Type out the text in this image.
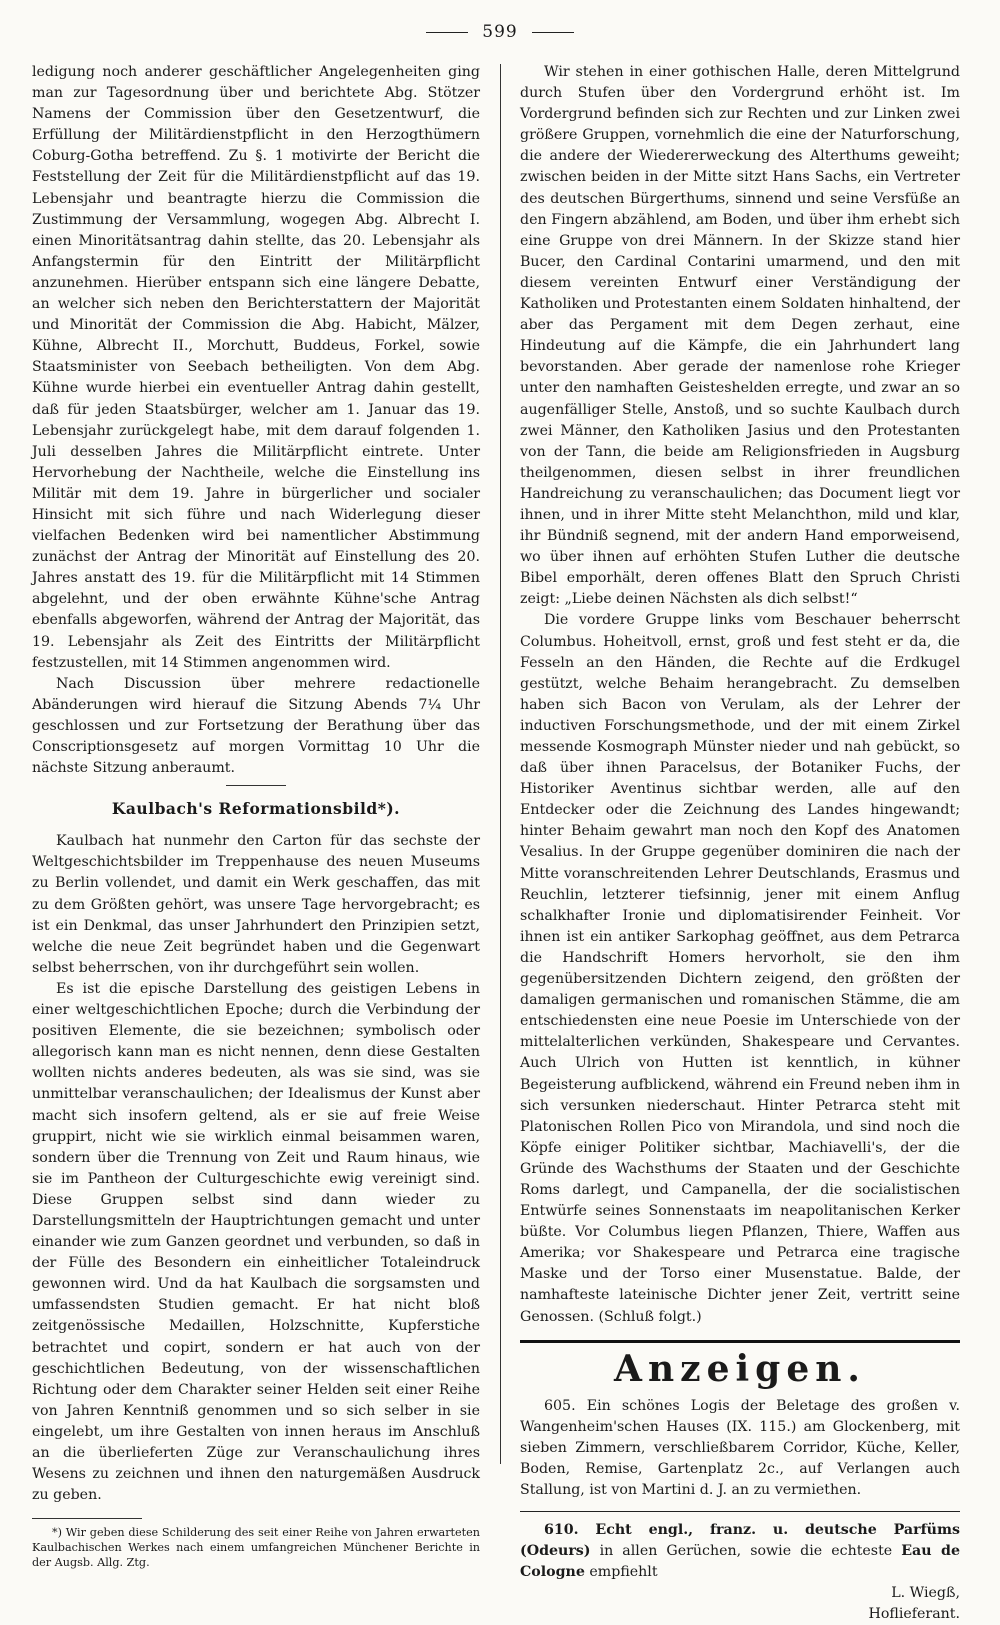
599

ledigung noch anderer geschäftlicher Angelegenheiten ging man zur Tagesordnung über und berichtete Abg. Stötzer Namens der Commission über den Gesetzentwurf, die Erfüllung der Militärdienstpflicht in den Herzogthümern Coburg-Gotha betreffend. Zu §. 1 motivirte der Bericht die Feststellung der Zeit für die Militärdienstpflicht auf das 19. Lebensjahr und beantragte hierzu die Commission die Zustimmung der Versammlung, wogegen Abg. Albrecht I. einen Minoritätsantrag dahin stellte, das 20. Lebensjahr als Anfangstermin für den Eintritt der Militärpflicht anzunehmen. Hierüber entspann sich eine längere Debatte, an welcher sich neben den Berichterstattern der Majorität und Minorität der Commission die Abg. Habicht, Mälzer, Kühne, Albrecht II., Morchutt, Buddeus, Forkel, sowie Staatsminister von Seebach betheiligten. Von dem Abg. Kühne wurde hierbei ein eventueller Antrag dahin gestellt, daß für jeden Staatsbürger, welcher am 1. Januar das 19. Lebensjahr zurückgelegt habe, mit dem darauf folgenden 1. Juli desselben Jahres die Militärpflicht eintrete. Unter Hervorhebung der Nachtheile, welche die Einstellung ins Militär mit dem 19. Jahre in bürgerlicher und socialer Hinsicht mit sich führe und nach Widerlegung dieser vielfachen Bedenken wird bei namentlicher Abstimmung zunächst der Antrag der Minorität auf Einstellung des 20. Jahres anstatt des 19. für die Militärpflicht mit 14 Stimmen abgelehnt, und der oben erwähnte Kühne'sche Antrag ebenfalls abgeworfen, während der Antrag der Majorität, das 19. Lebensjahr als Zeit des Eintritts der Militärpflicht festzustellen, mit 14 Stimmen angenommen wird.

Nach Discussion über mehrere redactionelle Abänderungen wird hierauf die Sitzung Abends 7¼ Uhr geschlossen und zur Fortsetzung der Berathung über das Conscriptionsgesetz auf morgen Vormittag 10 Uhr die nächste Sitzung anberaumt.

Kaulbach's Reformationsbild*).

Kaulbach hat nunmehr den Carton für das sechste der Weltgeschichtsbilder im Treppenhause des neuen Museums zu Berlin vollendet, und damit ein Werk geschaffen, das mit zu dem Größten gehört, was unsere Tage hervorgebracht; es ist ein Denkmal, das unser Jahrhundert den Prinzipien setzt, welche die neue Zeit begründet haben und die Gegenwart selbst beherrschen, von ihr durchgeführt sein wollen.

Es ist die epische Darstellung des geistigen Lebens in einer weltgeschichtlichen Epoche; durch die Verbindung der positiven Elemente, die sie bezeichnen; symbolisch oder allegorisch kann man es nicht nennen, denn diese Gestalten wollten nichts anderes bedeuten, als was sie sind, was sie unmittelbar veranschaulichen; der Idealismus der Kunst aber macht sich insofern geltend, als er sie auf freie Weise gruppirt, nicht wie sie wirklich einmal beisammen waren, sondern über die Trennung von Zeit und Raum hinaus, wie sie im Pantheon der Culturgeschichte ewig vereinigt sind. Diese Gruppen selbst sind dann wieder zu Darstellungsmitteln der Hauptrichtungen gemacht und unter einander wie zum Ganzen geordnet und verbunden, so daß in der Fülle des Besondern ein einheitlicher Totaleindruck gewonnen wird. Und da hat Kaulbach die sorgsamsten und umfassendsten Studien gemacht. Er hat nicht bloß zeitgenössische Medaillen, Holzschnitte, Kupferstiche betrachtet und copirt, sondern er hat auch von der geschichtlichen Bedeutung, von der wissenschaftlichen Richtung oder dem Charakter seiner Helden seit einer Reihe von Jahren Kenntniß genommen und so sich selber in sie eingelebt, um ihre Gestalten von innen heraus im Anschluß an die überlieferten Züge zur Veranschaulichung ihres Wesens zu zeichnen und ihnen den naturgemäßen Ausdruck zu geben.

*) Wir geben diese Schilderung des seit einer Reihe von Jahren erwarteten Kaulbachischen Werkes nach einem umfangreichen Münchener Berichte in der Augsb. Allg. Ztg.

Wir stehen in einer gothischen Halle, deren Mittelgrund durch Stufen über den Vordergrund erhöht ist. Im Vordergrund befinden sich zur Rechten und zur Linken zwei größere Gruppen, vornehmlich die eine der Naturforschung, die andere der Wiedererweckung des Alterthums geweiht; zwischen beiden in der Mitte sitzt Hans Sachs, ein Vertreter des deutschen Bürgerthums, sinnend und seine Versfüße an den Fingern abzählend, am Boden, und über ihm erhebt sich eine Gruppe von drei Männern. In der Skizze stand hier Bucer, den Cardinal Contarini umarmend, und den mit diesem vereinten Entwurf einer Verständigung der Katholiken und Protestanten einem Soldaten hinhaltend, der aber das Pergament mit dem Degen zerhaut, eine Hindeutung auf die Kämpfe, die ein Jahrhundert lang bevorstanden. Aber gerade der namenlose rohe Krieger unter den namhaften Geisteshelden erregte, und zwar an so augenfälliger Stelle, Anstoß, und so suchte Kaulbach durch zwei Männer, den Katholiken Jasius und den Protestanten von der Tann, die beide am Religionsfrieden in Augsburg theilgenommen, diesen selbst in ihrer freundlichen Handreichung zu veranschaulichen; das Document liegt vor ihnen, und in ihrer Mitte steht Melanchthon, mild und klar, ihr Bündniß segnend, mit der andern Hand emporweisend, wo über ihnen auf erhöhten Stufen Luther die deutsche Bibel emporhält, deren offenes Blatt den Spruch Christi zeigt: „Liebe deinen Nächsten als dich selbst!“

Die vordere Gruppe links vom Beschauer beherrscht Columbus. Hoheitvoll, ernst, groß und fest steht er da, die Fesseln an den Händen, die Rechte auf die Erdkugel gestützt, welche Behaim herangebracht. Zu demselben haben sich Bacon von Verulam, als der Lehrer der inductiven Forschungsmethode, und der mit einem Zirkel messende Kosmograph Münster nieder und nah gebückt, so daß über ihnen Paracelsus, der Botaniker Fuchs, der Historiker Aventinus sichtbar werden, alle auf den Entdecker oder die Zeichnung des Landes hingewandt; hinter Behaim gewahrt man noch den Kopf des Anatomen Vesalius. In der Gruppe gegenüber dominiren die nach der Mitte voranschreitenden Lehrer Deutschlands, Erasmus und Reuchlin, letzterer tiefsinnig, jener mit einem Anflug schalkhafter Ironie und diplomatisirender Feinheit. Vor ihnen ist ein antiker Sarkophag geöffnet, aus dem Petrarca die Handschrift Homers hervorholt, sie den ihm gegenübersitzenden Dichtern zeigend, den größten der damaligen germanischen und romanischen Stämme, die am entschiedensten eine neue Poesie im Unterschiede von der mittelalterlichen verkünden, Shakespeare und Cervantes. Auch Ulrich von Hutten ist kenntlich, in kühner Begeisterung aufblickend, während ein Freund neben ihm in sich versunken niederschaut. Hinter Petrarca steht mit Platonischen Rollen Pico von Mirandola, und sind noch die Köpfe einiger Politiker sichtbar, Machiavelli's, der die Gründe des Wachsthums der Staaten und der Geschichte Roms darlegt, und Campanella, der die socialistischen Entwürfe seines Sonnenstaats im neapolitanischen Kerker büßte. Vor Columbus liegen Pflanzen, Thiere, Waffen aus Amerika; vor Shakespeare und Petrarca eine tragische Maske und der Torso einer Musenstatue. Balde, der namhafteste lateinische Dichter jener Zeit, vertritt seine Genossen. (Schluß folgt.)

Anzeigen.

605. Ein schönes Logis der Beletage des großen v. Wangenheim'schen Hauses (IX. 115.) am Glockenberg, mit sieben Zimmern, verschließbarem Corridor, Küche, Keller, Boden, Remise, Gartenplatz 2c., auf Verlangen auch Stallung, ist von Martini d. J. an zu vermiethen.

610. Echt engl., franz. u. deutsche Parfüms (Odeurs) in allen Gerüchen, sowie die echteste Eau de Cologne empfiehlt

L. Wiegß,

Hoflieferant.
